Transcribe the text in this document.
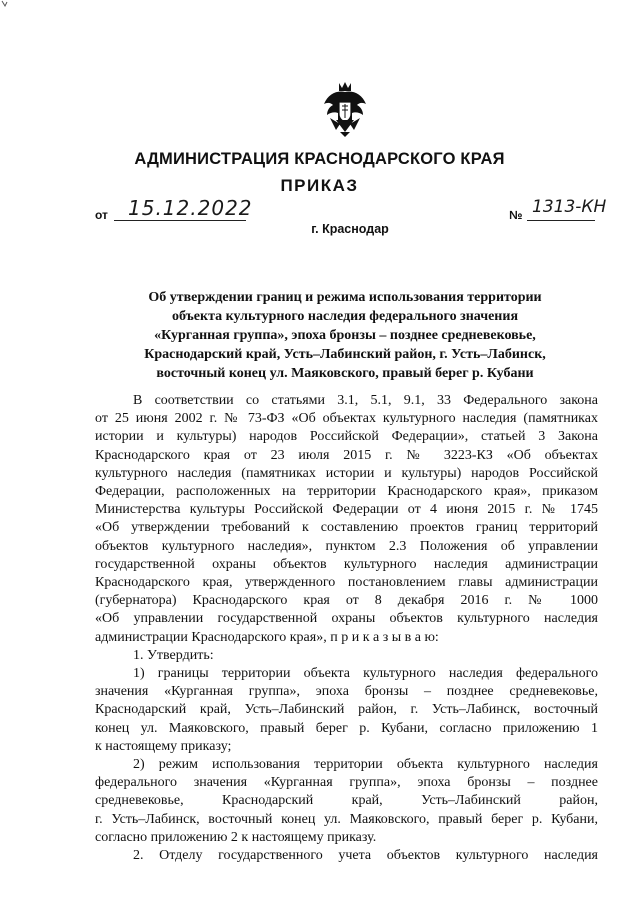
АДМИНИСТРАЦИЯ КРАСНОДАРСКОГО КРАЯ
ПРИКАЗ
от 15.12.2022	№ 1313-КН
г. Краснодар
Об утверждении границ и режима использования территории
объекта культурного наследия федерального значения
«Курганная группа», эпоха бронзы – позднее средневековье,
Краснодарский край, Усть–Лабинский район, г. Усть–Лабинск,
восточный конец ул. Маяковского, правый берег р. Кубани
В соответствии со статьями 3.1, 5.1, 9.1, 33 Федерального закона
от 25 июня 2002 г. № 73-ФЗ «Об объектах культурного наследия (памятниках
истории и культуры) народов Российской Федерации», статьей 3 Закона
Краснодарского края от 23 июля 2015 г. № 3223-КЗ «Об объектах
культурного наследия (памятниках истории и культуры) народов Российской
Федерации, расположенных на территории Краснодарского края», приказом
Министерства культуры Российской Федерации от 4 июня 2015 г. № 1745
«Об утверждении требований к составлению проектов границ территорий
объектов культурного наследия», пунктом 2.3 Положения об управлении
государственной охраны объектов культурного наследия администрации
Краснодарского края, утвержденного постановлением главы администрации
(губернатора) Краснодарского края от 8 декабря 2016 г. № 1000
«Об управлении государственной охраны объектов культурного наследия
администрации Краснодарского края», п р и к а з ы в а ю:
1. Утвердить:
1) границы территории объекта культурного наследия федерального
значения «Курганная группа», эпоха бронзы – позднее средневековье,
Краснодарский край, Усть–Лабинский район, г. Усть–Лабинск, восточный
конец ул. Маяковского, правый берег р. Кубани, согласно приложению 1
к настоящему приказу;
2) режим использования территории объекта культурного наследия
федерального значения «Курганная группа», эпоха бронзы – позднее
средневековье, Краснодарский край, Усть–Лабинский район,
г. Усть–Лабинск, восточный конец ул. Маяковского, правый берег р. Кубани,
согласно приложению 2 к настоящему приказу.
2. Отделу государственного учета объектов культурного наследия
